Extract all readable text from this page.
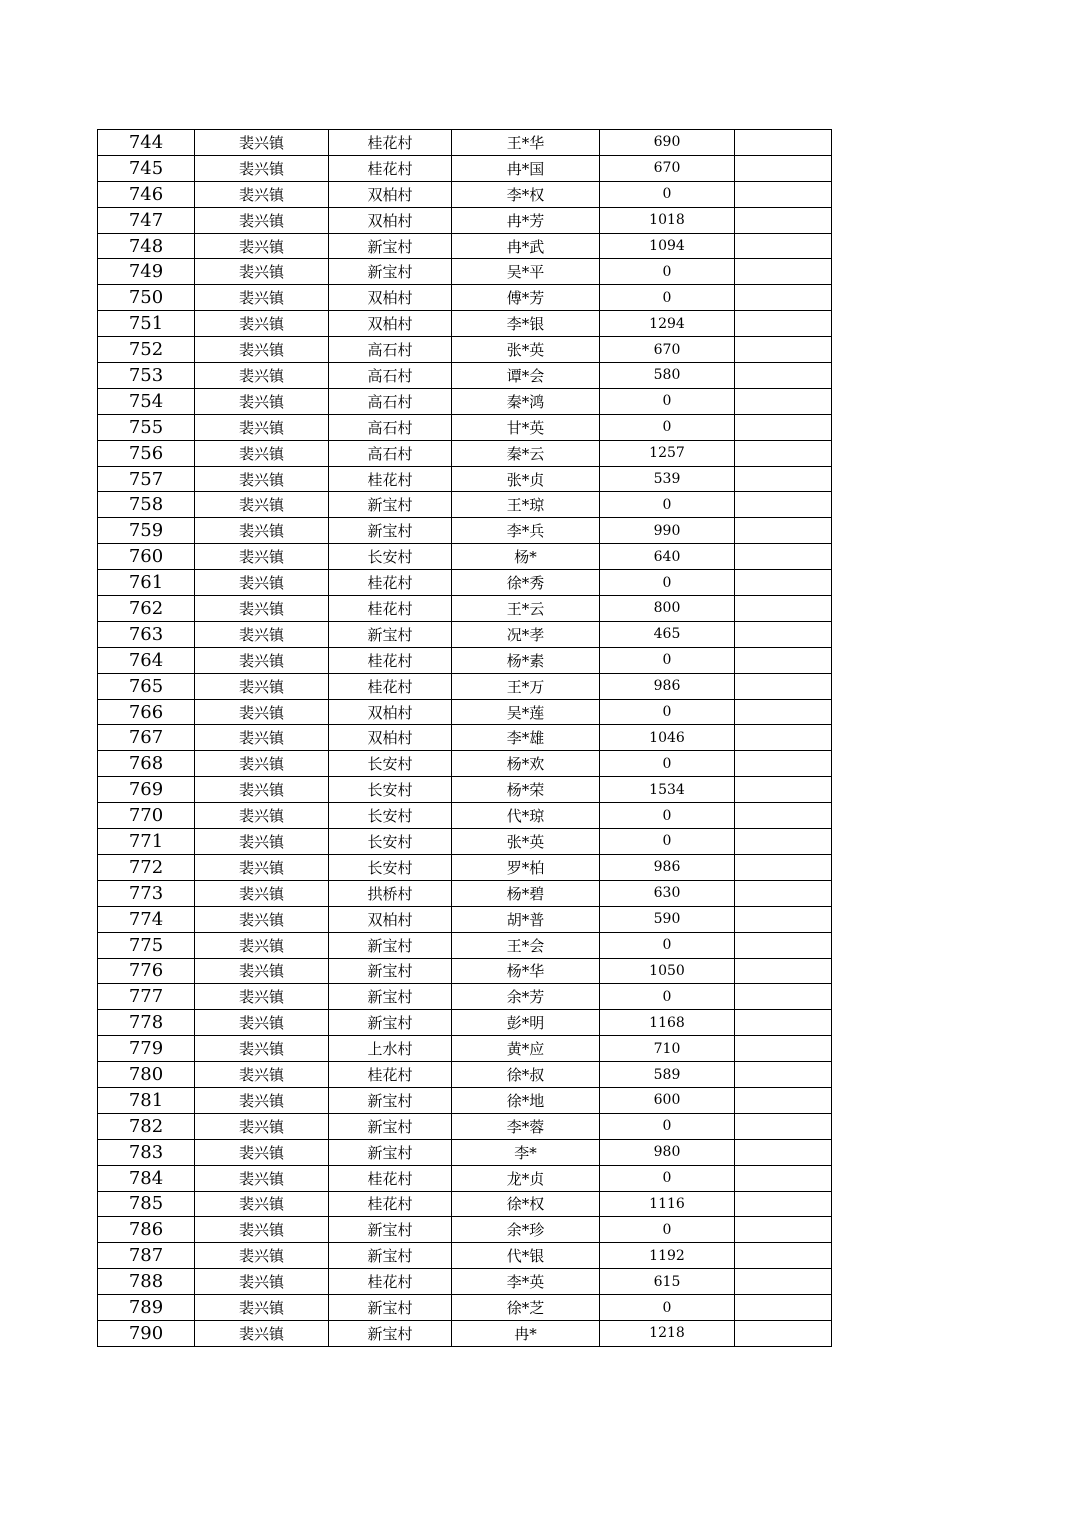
744	裴兴镇	桂花村	王*华	690	
745	裴兴镇	桂花村	冉*国	670	
746	裴兴镇	双柏村	李*权	0	
747	裴兴镇	双柏村	冉*芳	1018	
748	裴兴镇	新宝村	冉*武	1094	
749	裴兴镇	新宝村	吴*平	0	
750	裴兴镇	双柏村	傅*芳	0	
751	裴兴镇	双柏村	李*银	1294	
752	裴兴镇	高石村	张*英	670	
753	裴兴镇	高石村	谭*会	580	
754	裴兴镇	高石村	秦*鸿	0	
755	裴兴镇	高石村	甘*英	0	
756	裴兴镇	高石村	秦*云	1257	
757	裴兴镇	桂花村	张*贞	539	
758	裴兴镇	新宝村	王*琼	0	
759	裴兴镇	新宝村	李*兵	990	
760	裴兴镇	长安村	杨*	640	
761	裴兴镇	桂花村	徐*秀	0	
762	裴兴镇	桂花村	王*云	800	
763	裴兴镇	新宝村	况*孝	465	
764	裴兴镇	桂花村	杨*素	0	
765	裴兴镇	桂花村	王*万	986	
766	裴兴镇	双柏村	吴*莲	0	
767	裴兴镇	双柏村	李*雄	1046	
768	裴兴镇	长安村	杨*欢	0	
769	裴兴镇	长安村	杨*荣	1534	
770	裴兴镇	长安村	代*琼	0	
771	裴兴镇	长安村	张*英	0	
772	裴兴镇	长安村	罗*柏	986	
773	裴兴镇	拱桥村	杨*碧	630	
774	裴兴镇	双柏村	胡*普	590	
775	裴兴镇	新宝村	王*会	0	
776	裴兴镇	新宝村	杨*华	1050	
777	裴兴镇	新宝村	余*芳	0	
778	裴兴镇	新宝村	彭*明	1168	
779	裴兴镇	上水村	黄*应	710	
780	裴兴镇	桂花村	徐*叔	589	
781	裴兴镇	新宝村	徐*地	600	
782	裴兴镇	新宝村	李*蓉	0	
783	裴兴镇	新宝村	李*	980	
784	裴兴镇	桂花村	龙*贞	0	
785	裴兴镇	桂花村	徐*权	1116	
786	裴兴镇	新宝村	余*珍	0	
787	裴兴镇	新宝村	代*银	1192	
788	裴兴镇	桂花村	李*英	615	
789	裴兴镇	新宝村	徐*芝	0	
790	裴兴镇	新宝村	冉*	1218	
